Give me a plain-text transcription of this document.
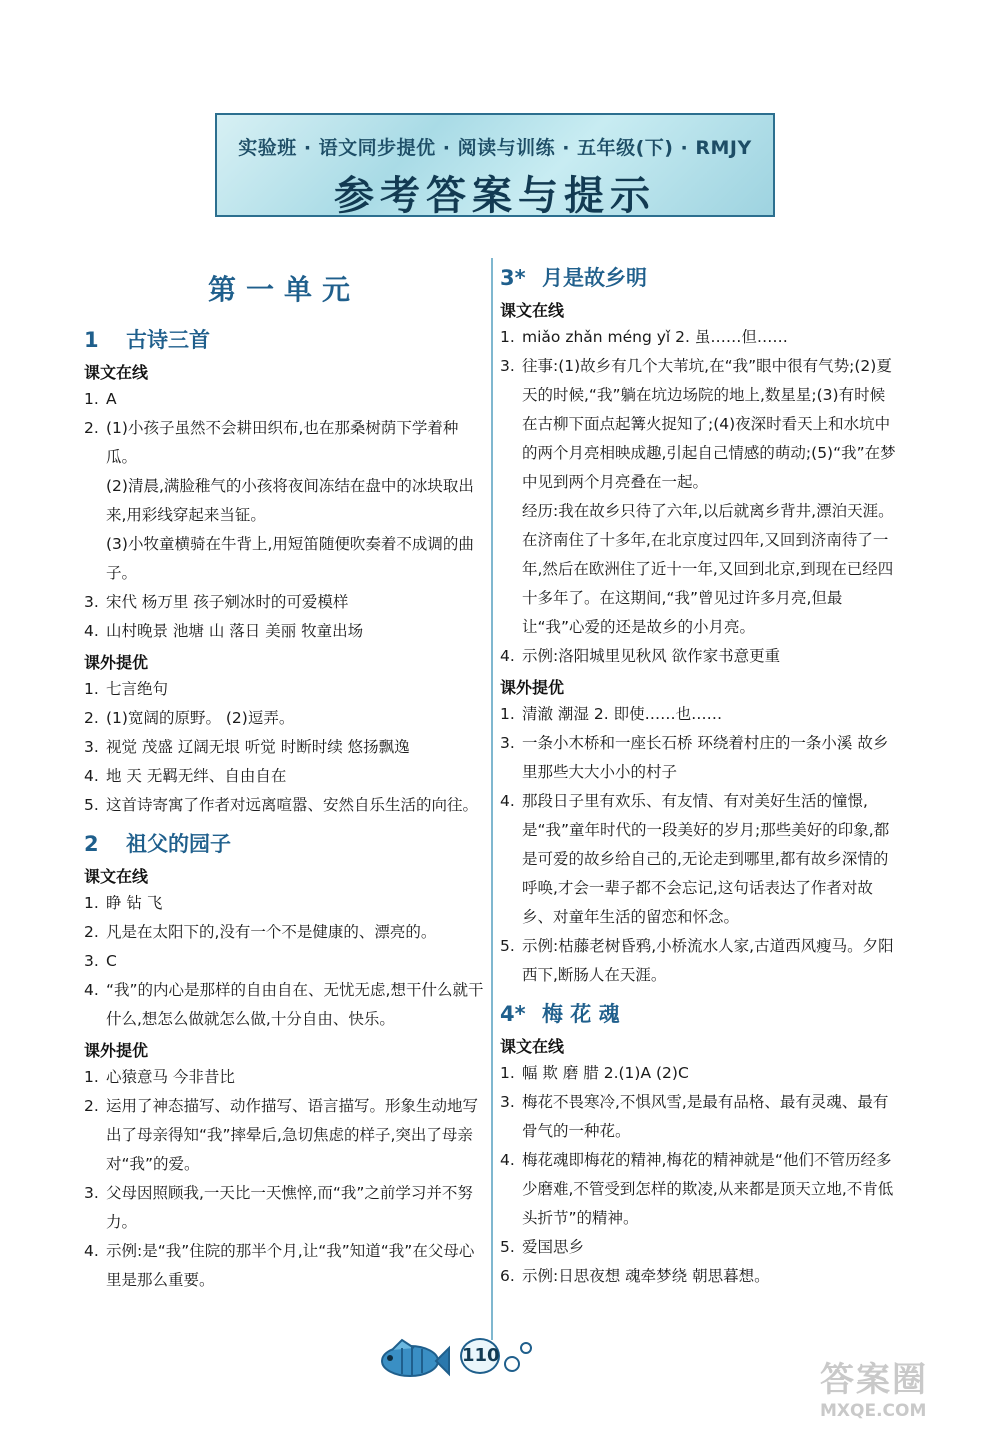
实验班 · 语文同步提优 · 阅读与训练 · 五年级(下) · RMJY
参考答案与提示
第一单元
1 古诗三首
课文在线
1. A
2. (1)小孩子虽然不会耕田织布,也在那桑树荫下学着种瓜。
(2)清晨,满脸稚气的小孩将夜间冻结在盘中的冰块取出来,用彩线穿起来当钲。
(3)小牧童横骑在牛背上,用短笛随便吹奏着不成调的曲子。
3. 宋代 杨万里 孩子剜冰时的可爱模样
4. 山村晚景 池塘 山 落日 美丽 牧童出场
课外提优
1. 七言绝句
2. (1)宽阔的原野。 (2)逗弄。
3. 视觉 茂盛 辽阔无垠 听觉 时断时续 悠扬飘逸
4. 地 天 无羁无绊、自由自在
5. 这首诗寄寓了作者对远离喧嚣、安然自乐生活的向往。
2 祖父的园子
课文在线
1. 睁 钻 飞
2. 凡是在太阳下的,没有一个不是健康的、漂亮的。
3. C
4. “我”的内心是那样的自由自在、无忧无虑,想干什么就干什么,想怎么做就怎么做,十分自由、快乐。
课外提优
1. 心猿意马 今非昔比
2. 运用了神态描写、动作描写、语言描写。形象生动地写出了母亲得知“我”摔晕后,急切焦虑的样子,突出了母亲对“我”的爱。
3. 父母因照顾我,一天比一天憔悴,而“我”之前学习并不努力。
4. 示例:是“我”住院的那半个月,让“我”知道“我”在父母心里是那么重要。
3* 月是故乡明
课文在线
1. miǎo zhǎn méng yǐ 2. 虽……但……
3. 往事:(1)故乡有几个大苇坑,在“我”眼中很有气势;(2)夏天的时候,“我”躺在坑边场院的地上,数星星;(3)有时候在古柳下面点起篝火捉知了;(4)夜深时看天上和水坑中的两个月亮相映成趣,引起自己情感的萌动;(5)“我”在梦中见到两个月亮叠在一起。
经历:我在故乡只待了六年,以后就离乡背井,漂泊天涯。在济南住了十多年,在北京度过四年,又回到济南待了一年,然后在欧洲住了近十一年,又回到北京,到现在已经四十多年了。在这期间,“我”曾见过许多月亮,但最让“我”心爱的还是故乡的小月亮。
4. 示例:洛阳城里见秋风 欲作家书意更重
课外提优
1. 清澈 潮湿 2. 即使……也……
3. 一条小木桥和一座长石桥 环绕着村庄的一条小溪 故乡里那些大大小小的村子
4. 那段日子里有欢乐、有友情、有对美好生活的憧憬,是“我”童年时代的一段美好的岁月;那些美好的印象,都是可爱的故乡给自己的,无论走到哪里,都有故乡深情的呼唤,才会一辈子都不会忘记,这句话表达了作者对故乡、对童年生活的留恋和怀念。
5. 示例:枯藤老树昏鸦,小桥流水人家,古道西风瘦马。夕阳西下,断肠人在天涯。
4* 梅 花 魂
课文在线
1. 幅 欺 磨 腊 2.(1)A (2)C
3. 梅花不畏寒冷,不惧风雪,是最有品格、最有灵魂、最有骨气的一种花。
4. 梅花魂即梅花的精神,梅花的精神就是“他们不管历经多少磨难,不管受到怎样的欺凌,从来都是顶天立地,不肯低头折节”的精神。
5. 爱国思乡
6. 示例:日思夜想 魂牵梦绕 朝思暮想。
110
答案圈
MXQE.COM
